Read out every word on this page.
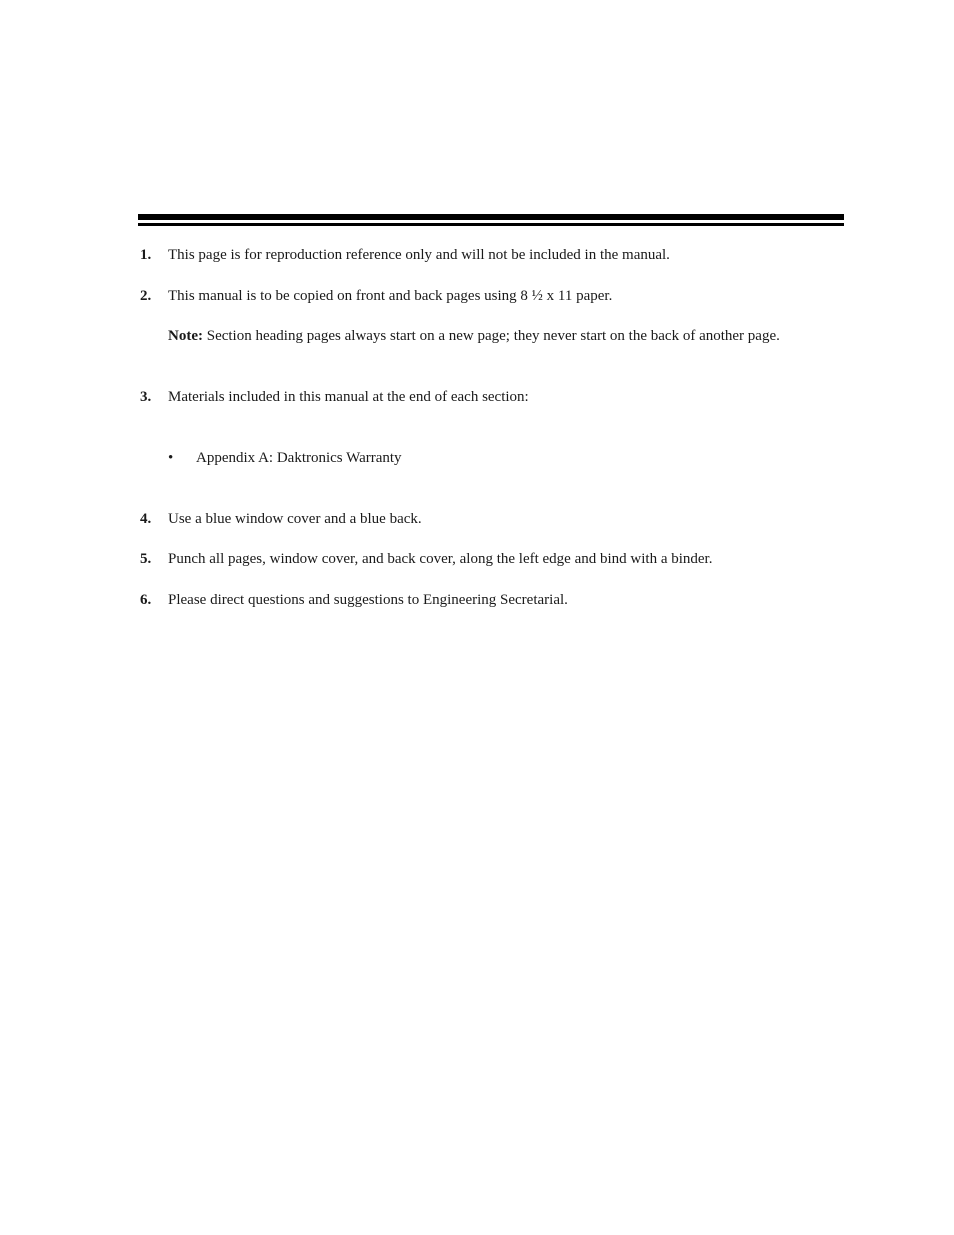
1. This page is for reproduction reference only and will not be included in the manual.
2. This manual is to be copied on front and back pages using 8 ½ x 11 paper.
Note: Section heading pages always start on a new page; they never start on the back of another page.
3. Materials included in this manual at the end of each section:
• Appendix A: Daktronics Warranty
4. Use a blue window cover and a blue back.
5. Punch all pages, window cover, and back cover, along the left edge and bind with a binder.
6. Please direct questions and suggestions to Engineering Secretarial.
